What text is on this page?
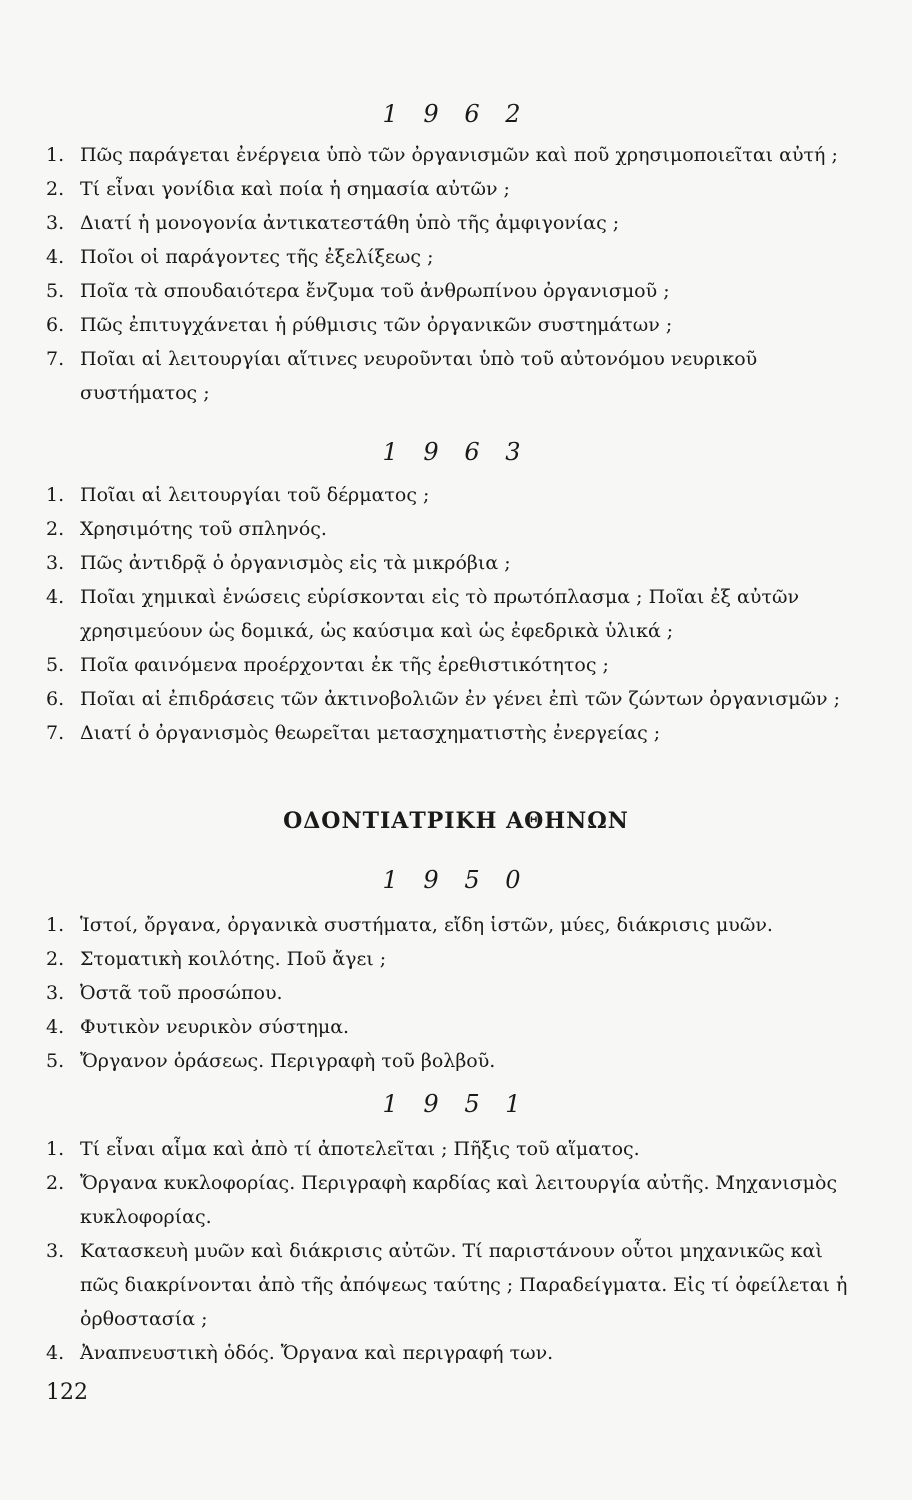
1 9 6 2

1. Πῶς παράγεται ἐνέργεια ὑπὸ τῶν ὀργανισμῶν καὶ ποῦ χρησιμοποιεῖται αὐτή ;

2. Τί εἶναι γονίδια καὶ ποία ἡ σημασία αὐτῶν ;

3. Διατί ἡ μονογονία ἀντικατεστάθη ὑπὸ τῆς ἀμφιγονίας ;

4. Ποῖοι οἱ παράγοντες τῆς ἐξελίξεως ;

5. Ποῖα τὰ σπουδαιότερα ἔνζυμα τοῦ ἀνθρωπίνου ὀργανισμοῦ ;

6. Πῶς ἐπιτυγχάνεται ἡ ρύθμισις τῶν ὀργανικῶν συστημάτων ;

7. Ποῖαι αἱ λειτουργίαι αἵτινες νευροῦνται ὑπὸ τοῦ αὐτονόμου νευρικοῦ συστήματος ;

1 9 6 3

1. Ποῖαι αἱ λειτουργίαι τοῦ δέρματος ;

2. Χρησιμότης τοῦ σπληνός.

3. Πῶς ἀντιδρᾷ ὁ ὀργανισμὸς εἰς τὰ μικρόβια ;

4. Ποῖαι χημικαὶ ἑνώσεις εὑρίσκονται εἰς τὸ πρωτόπλασμα ; Ποῖαι ἐξ αὐτῶν χρησιμεύουν ὡς δομικά, ὡς καύσιμα καὶ ὡς ἐφεδρικὰ ὑλικά ;

5. Ποῖα φαινόμενα προέρχονται ἐκ τῆς ἐρεθιστικότητος ;

6. Ποῖαι αἱ ἐπιδράσεις τῶν ἀκτινοβολιῶν ἐν γένει ἐπὶ τῶν ζώντων ὀργανισμῶν ;

7. Διατί ὁ ὀργανισμὸς θεωρεῖται μετασχηματιστὴς ἐνεργείας ;

ΟΔΟΝΤΙΑΤΡΙΚΗ ΑΘΗΝΩΝ

1 9 5 0

1. Ἱστοί, ὄργανα, ὀργανικὰ συστήματα, εἴδη ἱστῶν, μύες, διάκρισις μυῶν.

2. Στοματικὴ κοιλότης. Ποῦ ἄγει ;

3. Ὀστᾶ τοῦ προσώπου.

4. Φυτικὸν νευρικὸν σύστημα.

5. Ὄργανον ὁράσεως. Περιγραφὴ τοῦ βολβοῦ.

1 9 5 1

1. Τί εἶναι αἷμα καὶ ἀπὸ τί ἀποτελεῖται ; Πῆξις τοῦ αἵματος.

2. Ὄργανα κυκλοφορίας. Περιγραφὴ καρδίας καὶ λειτουργία αὐτῆς. Μηχανισμὸς κυκλοφορίας.

3. Κατασκευὴ μυῶν καὶ διάκρισις αὐτῶν. Τί παριστάνουν οὗτοι μηχανικῶς καὶ πῶς διακρίνονται ἀπὸ τῆς ἀπόψεως ταύτης ; Παραδείγματα. Εἰς τί ὀφείλεται ἡ ὀρθοστασία ;

4. Ἀναπνευστικὴ ὁδός. Ὄργανα καὶ περιγραφή των.

122
